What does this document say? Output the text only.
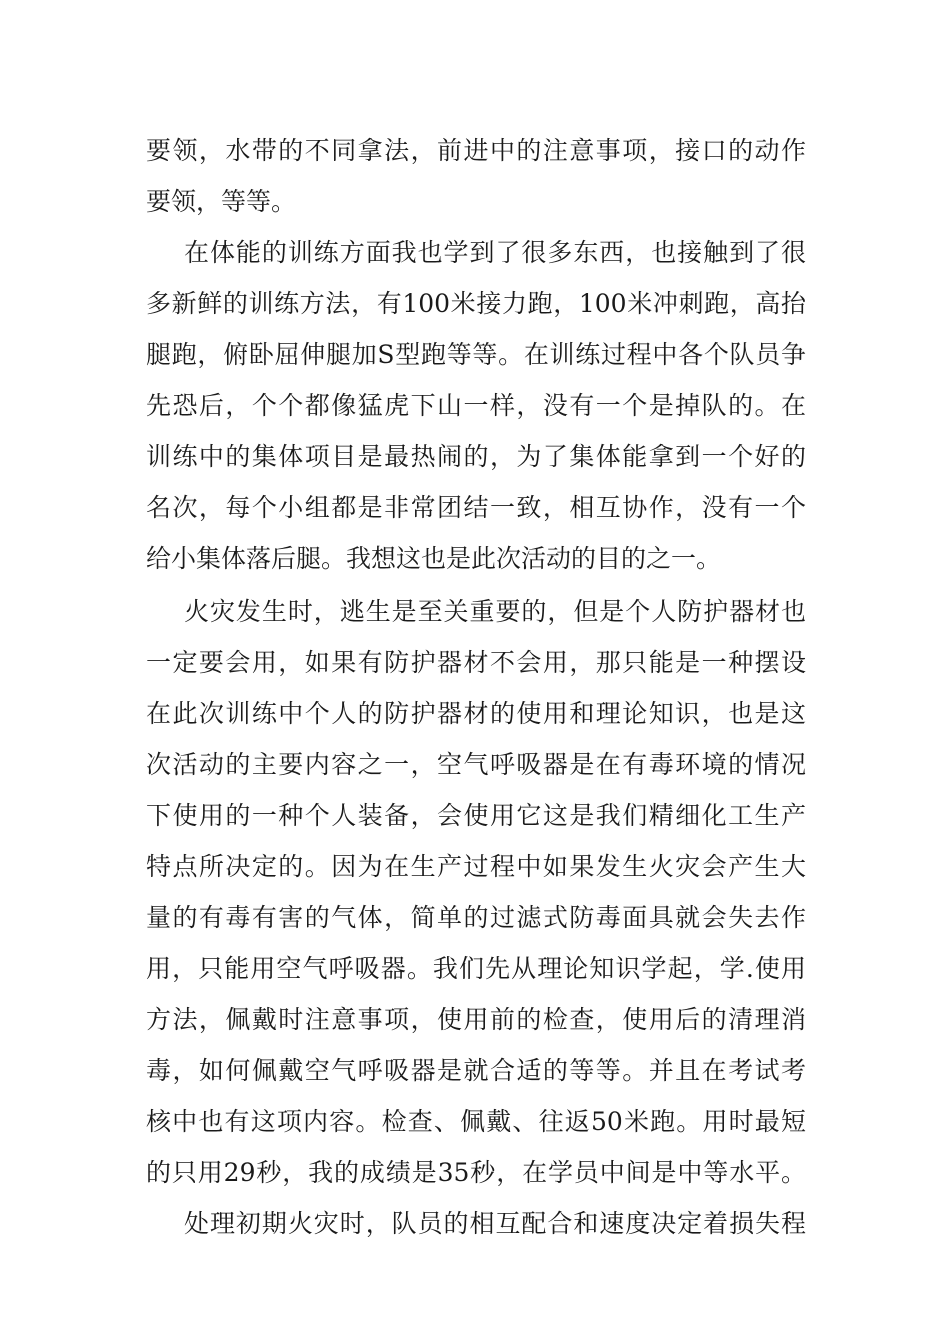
要领，水带的不同拿法，前进中的注意事项，接口的动作
要领，等等。
在体能的训练方面我也学到了很多东西，也接触到了很
多新鲜的训练方法，有100米接力跑，100米冲刺跑，高抬
腿跑，俯卧屈伸腿加S型跑等等。在训练过程中各个队员争
先恐后，个个都像猛虎下山一样，没有一个是掉队的。在
训练中的集体项目是最热闹的，为了集体能拿到一个好的
名次，每个小组都是非常团结一致，相互协作，没有一个
给小集体落后腿。我想这也是此次活动的目的之一。
火灾发生时，逃生是至关重要的，但是个人防护器材也
一定要会用，如果有防护器材不会用，那只能是一种摆设
在此次训练中个人的防护器材的使用和理论知识，也是这
次活动的主要内容之一，空气呼吸器是在有毒环境的情况
下使用的一种个人装备，会使用它这是我们精细化工生产
特点所决定的。因为在生产过程中如果发生火灾会产生大
量的有毒有害的气体，简单的过滤式防毒面具就会失去作
用，只能用空气呼吸器。我们先从理论知识学起，学.使用
方法，佩戴时注意事项，使用前的检查，使用后的清理消
毒，如何佩戴空气呼吸器是就合适的等等。并且在考试考
核中也有这项内容。检查、佩戴、往返50米跑。用时最短
的只用29秒，我的成绩是35秒，在学员中间是中等水平。
处理初期火灾时，队员的相互配合和速度决定着损失程
